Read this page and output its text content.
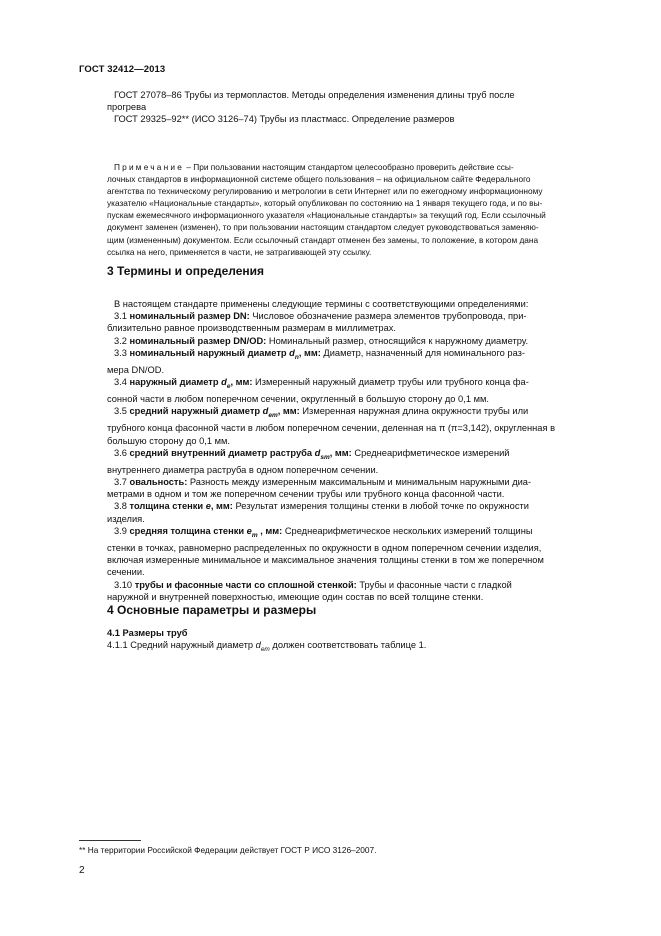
ГОСТ 32412—2013

ГОСТ 27078–86 Трубы из термопластов. Методы определения изменения длины труб после
прогрева

ГОСТ 29325–92** (ИСО 3126–74) Трубы из пластмасс. Определение размеров

Примечание – При пользовании настоящим стандартом целесообразно проверить действие ссы-
лочных стандартов в информационной системе общего пользования – на официальном сайте Федерального
агентства по техническому регулированию и метрологии в сети Интернет или по ежегодному информационному
указателю «Национальные стандарты», который опубликован по состоянию на 1 января текущего года, и по вы-
пускам ежемесячного информационного указателя «Национальные стандарты» за текущий год. Если ссылочный
документ заменен (изменен), то при пользовании настоящим стандартом следует руководствоваться заменяю-
щим (измененным) документом. Если ссылочный стандарт отменен без замены, то положение, в котором дана
ссылка на него, применяется в части, не затрагивающей эту ссылку.
3 Термины и определения

В настоящем стандарте применены следующие термины с соответствующими определениями:

3.1 номинальный размер DN: Числовое обозначение размера элементов трубопровода, при-
близительно равное производственным размерам в миллиметрах.

3.2 номинальный размер DN/OD: Номинальный размер, относящийся к наружному диаметру.

3.3 номинальный наружный диаметр $d_n$, мм: Диаметр, назначенный для номинального раз-
мера DN/OD.

3.4 наружный диаметр $d_e$, мм: Измеренный наружный диаметр трубы или трубного конца фа-
сонной части в любом поперечном сечении, округленный в большую сторону до 0,1 мм.

3.5 средний наружный диаметр $d_{em}$, мм: Измеренная наружная длина окружности трубы или
трубного конца фасонной части в любом поперечном сечении, деленная на π (π=3,142), округленная в
большую сторону до 0,1 мм.

3.6 средний внутренний диаметр раструба $d_{sm}$, мм: Среднеарифметическое измерений
внутреннего диаметра раструба в одном поперечном сечении.

3.7 овальность: Разность между измеренным максимальным и минимальным наружными диа-
метрами в одном и том же поперечном сечении трубы или трубного конца фасонной части.

3.8 толщина стенки e, мм: Результат измерения толщины стенки в любой точке по окружности
изделия.

3.9 средняя толщина стенки $e_m$ , мм: Среднеарифметическое нескольких измерений толщины
стенки в точках, равномерно распределенных по окружности в одном поперечном сечении изделия,
включая измеренные минимальное и максимальное значения толщины стенки в том же поперечном
сечении.

3.10 трубы и фасонные части со сплошной стенкой: Трубы и фасонные части с гладкой
наружной и внутренней поверхностью, имеющие один состав по всей толщине стенки.

4 Основные параметры и размеры

4.1 Размеры труб

4.1.1 Средний наружный диаметр $d_{em}$ должен соответствовать таблице 1.

** На территории Российской Федерации действует ГОСТ Р ИСО 3126–2007.
2
